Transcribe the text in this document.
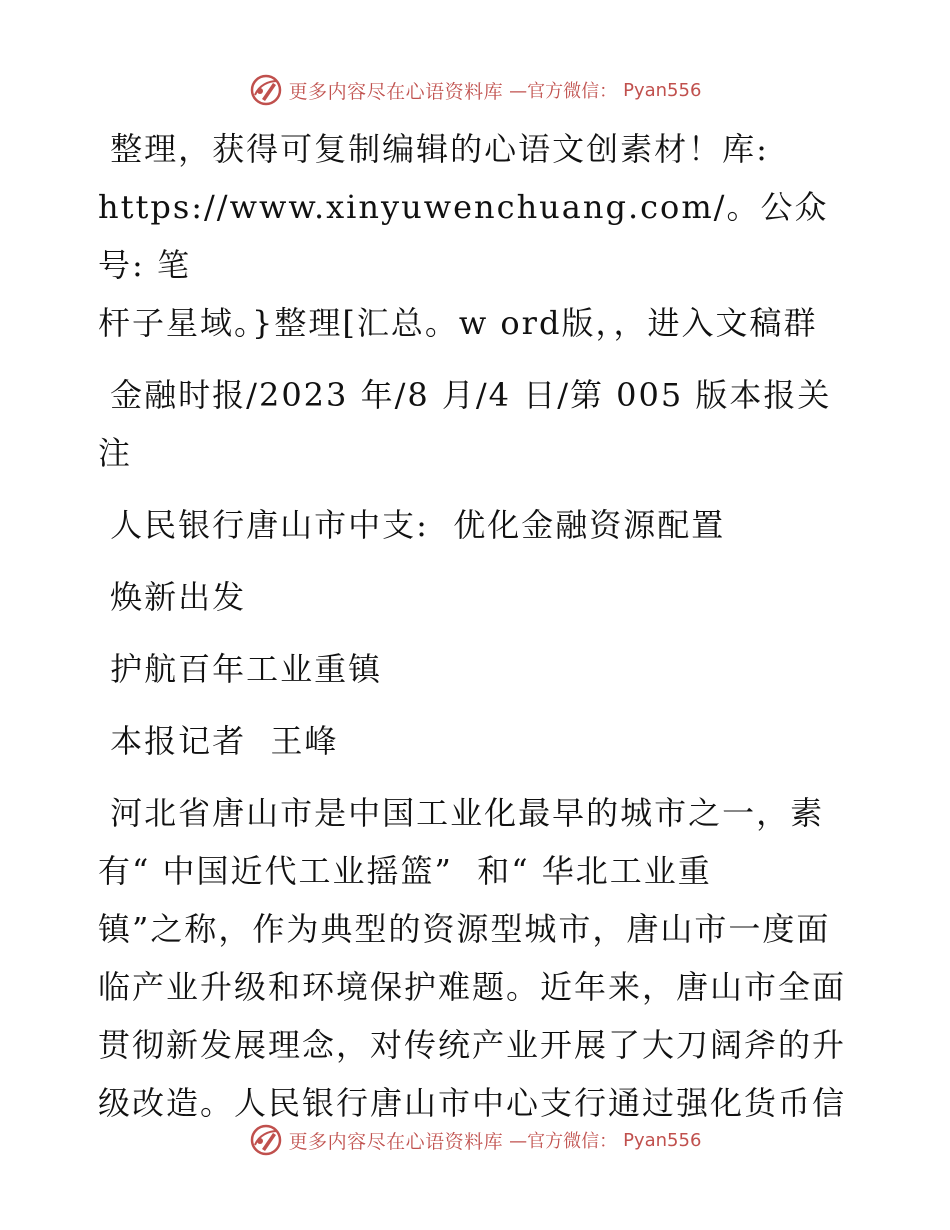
更多内容尽在心语资料库 —官方微信： Pyan556

整理，获得可复制编辑的心语文创素材！库:

https://www.xinyuwenchuang.com/。公众号: 笔

杆子星域。}整理[汇总。w ord版，，进入文稿群

金融时报/2023 年/8 月/4 日/第 005 版本报关

注

人民银行唐山市中支:  优化金融资源配置

焕新出发

护航百年工业重镇

本报记者  王峰

河北省唐山市是中国工业化最早的城市之一，素

有“ 中国近代工业摇篮”  和“ 华北工业重

镇”之称，作为典型的资源型城市，唐山市一度面

临产业升级和环境保护难题。近年来，唐山市全面

贯彻新发展理念，对传统产业开展了大刀阔斧的升

级改造。人民银行唐山市中心支行通过强化货币信

更多内容尽在心语资料库 —官方微信： Pyan556
